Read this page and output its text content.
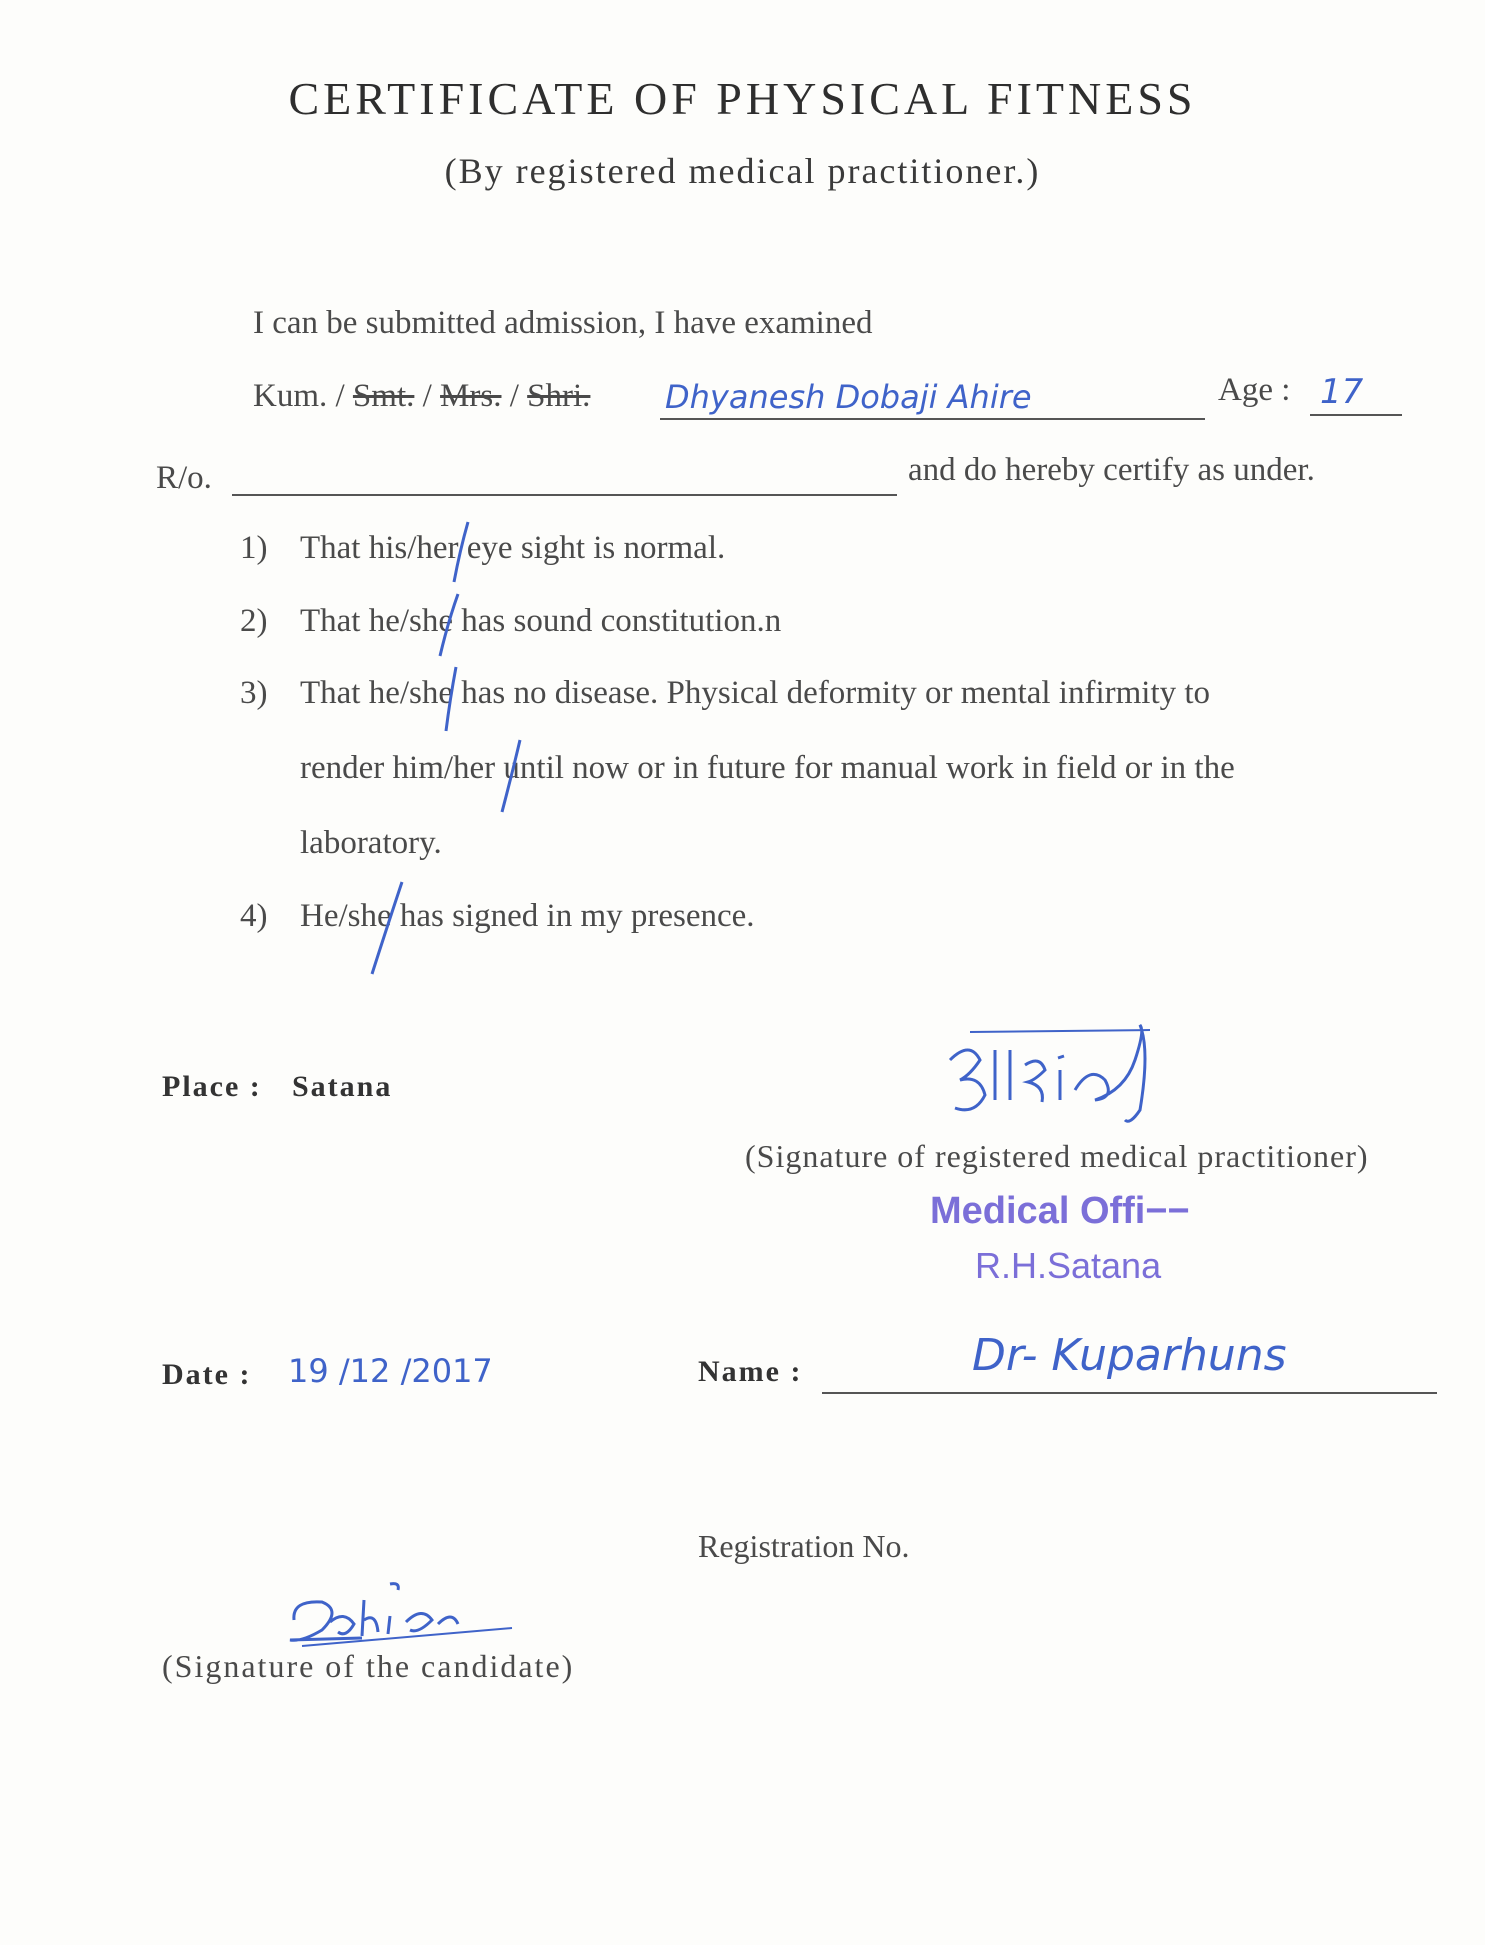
CERTIFICATE OF PHYSICAL FITNESS
(By registered medical practitioner.)
I can be submitted admission, I have examined
Kum. / Smt. / Mrs. / Shri. Dhyanesh Dobaji Ahire	Age : 17
R/o.	and do hereby certify as under.
1) That his/her eye sight is normal.
2) That he/she has sound constitution.n
3) That he/she has no disease. Physical deformity or mental infirmity to
render him/her until now or in future for manual work in field or in the
laboratory.
4) He/she has signed in my presence.
Place : Satana
(Signature of registered medical practitioner)
Medical Offi−−
R.H.Satana
Date : 19 /12 /2017	Name :	Dr- Kuparhuns
Registration No.
(Signature of the candidate)
